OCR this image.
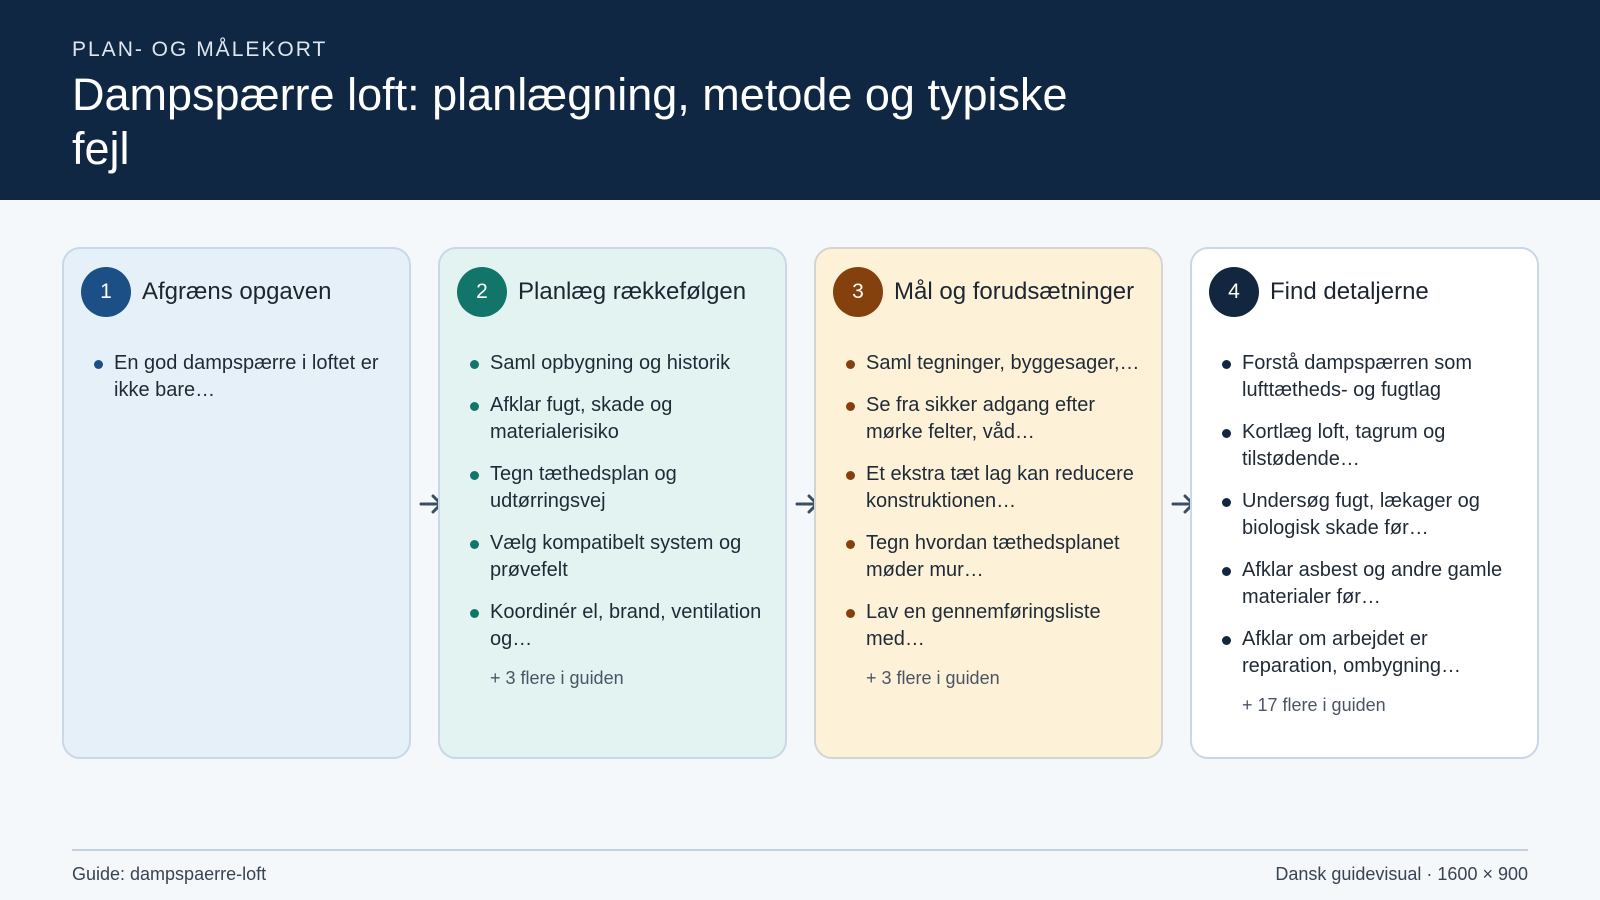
PLAN- OG MÅLEKORT
Dampspærre loft: planlægning, metode og typiske fejl
1	Afgræns opgaven
En god dampspærre i loftet er ikke bare…
2	Planlæg rækkefølgen
Saml opbygning og historik
Afklar fugt, skade og materialerisiko
Tegn tæthedsplan og udtørringsvej
Vælg kompatibelt system og prøvefelt
Koordinér el, brand, ventilation og…
+ 3 flere i guiden
3	Mål og forudsætninger
Saml tegninger, byggesager,…
Se fra sikker adgang efter mørke felter, våd…
Et ekstra tæt lag kan reducere konstruktionen…
Tegn hvordan tæthedsplanet møder mur…
Lav en gennemføringsliste med…
+ 3 flere i guiden
4	Find detaljerne
Forstå dampspærren som lufttætheds- og fugtlag
Kortlæg loft, tagrum og tilstødende…
Undersøg fugt, lækager og biologisk skade før…
Afklar asbest og andre gamle materialer før…
Afklar om arbejdet er reparation, ombygning…
+ 17 flere i guiden
Guide: dampspaerre-loft	Dansk guidevisual · 1600 × 900
